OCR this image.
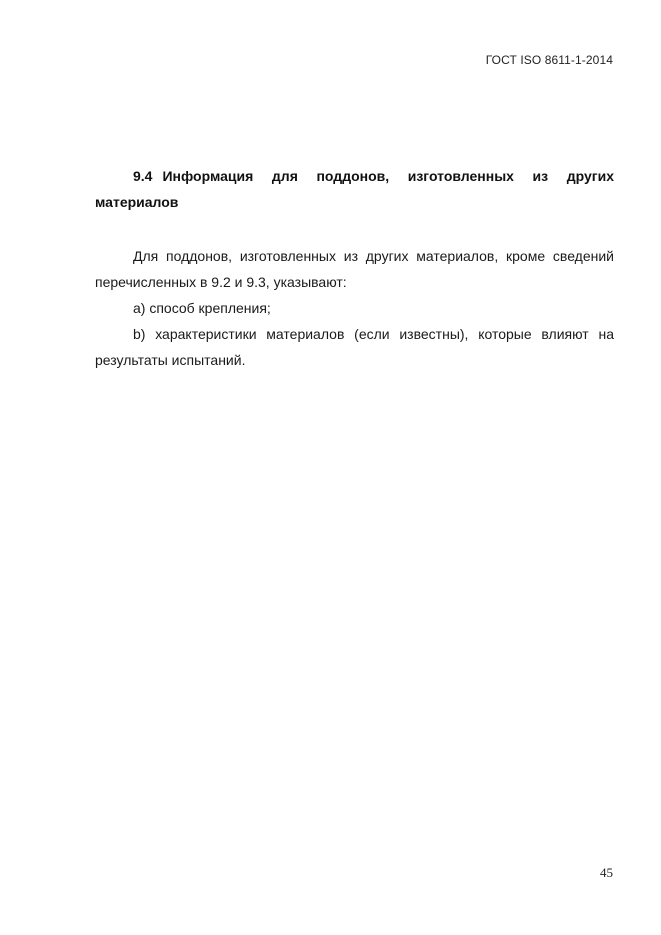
ГОСТ ISO 8611-1-2014

9.4 Информация для поддонов, изготовленных из других материалов

Для поддонов, изготовленных из других материалов, кроме сведений перечисленных в 9.2 и 9.3, указывают:

a) способ крепления;

b) характеристики материалов (если известны), которые влияют на результаты испытаний.

45
